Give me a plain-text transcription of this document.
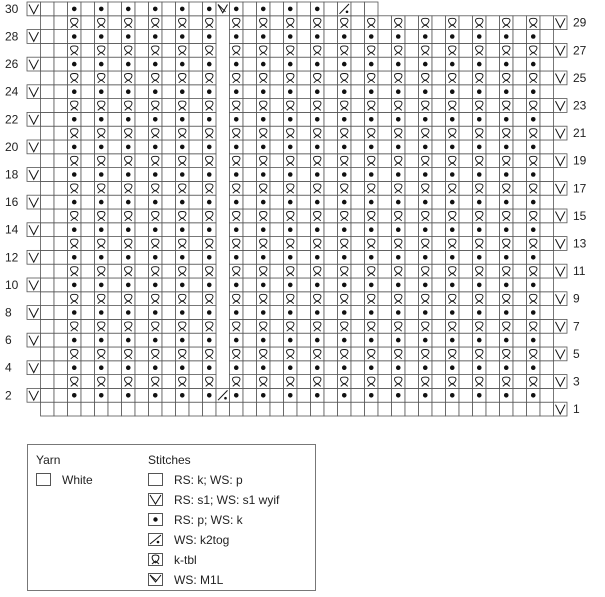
30
28
26
24
22
20
18
16
14
12
10
8
6
4
2
29
27
25
23
21
19
17
15
13
11
9
7
5
3
1
Yarn
White
Stitches
RS: k; WS: p
RS: s1; WS: s1 wyif
RS: p; WS: k
WS: k2tog
k-tbl
WS: M1L
